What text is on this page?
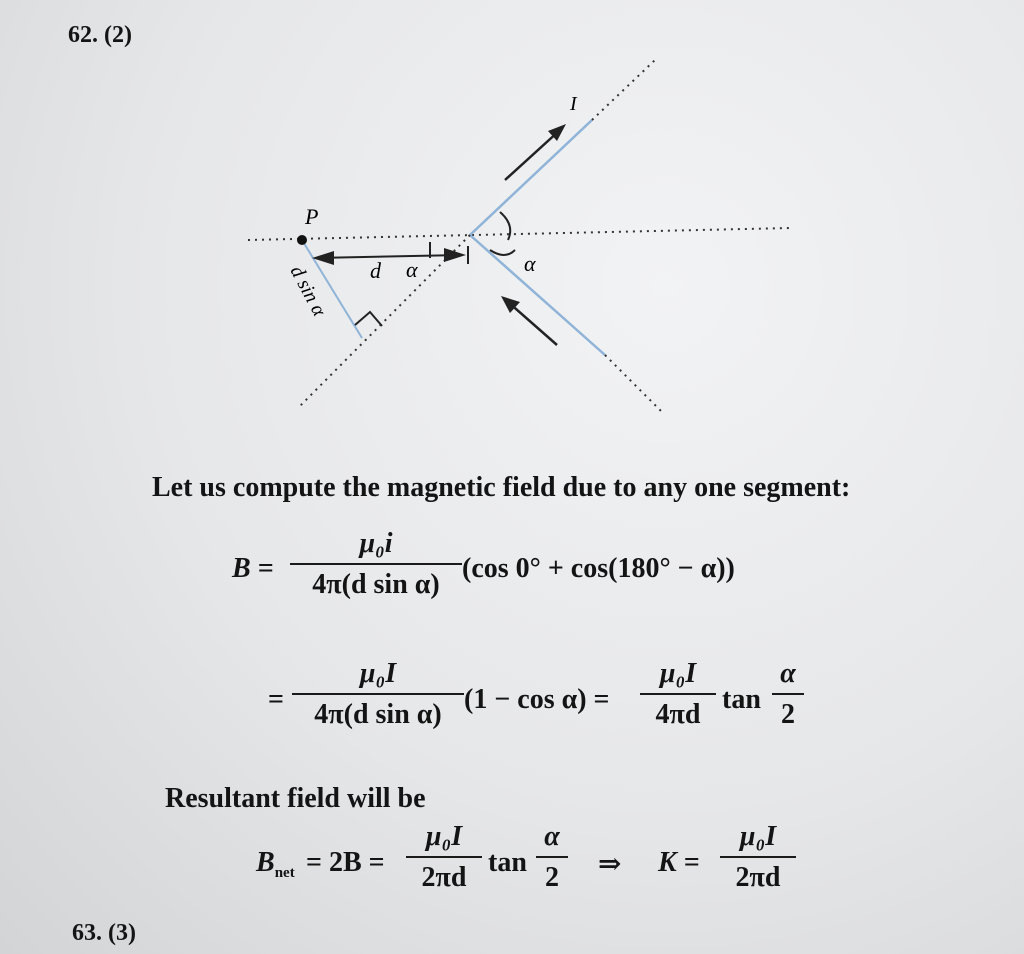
62. (2)
P
I
d α	α
d sin α
Let us compute the magnetic field due to any one segment:
B =
μ₀i
4π(d sin α)
(cos 0° + cos(180° − α))
=
μ₀I
4π(d sin α) (1 − cos α) =
μ₀I
4πd tan
α
2
Resultant field will be
$B_{net} = 2B$ =
μ₀I
2πd tan
α
2 ⇒ K =
μ₀I
2πd
63. (3)
